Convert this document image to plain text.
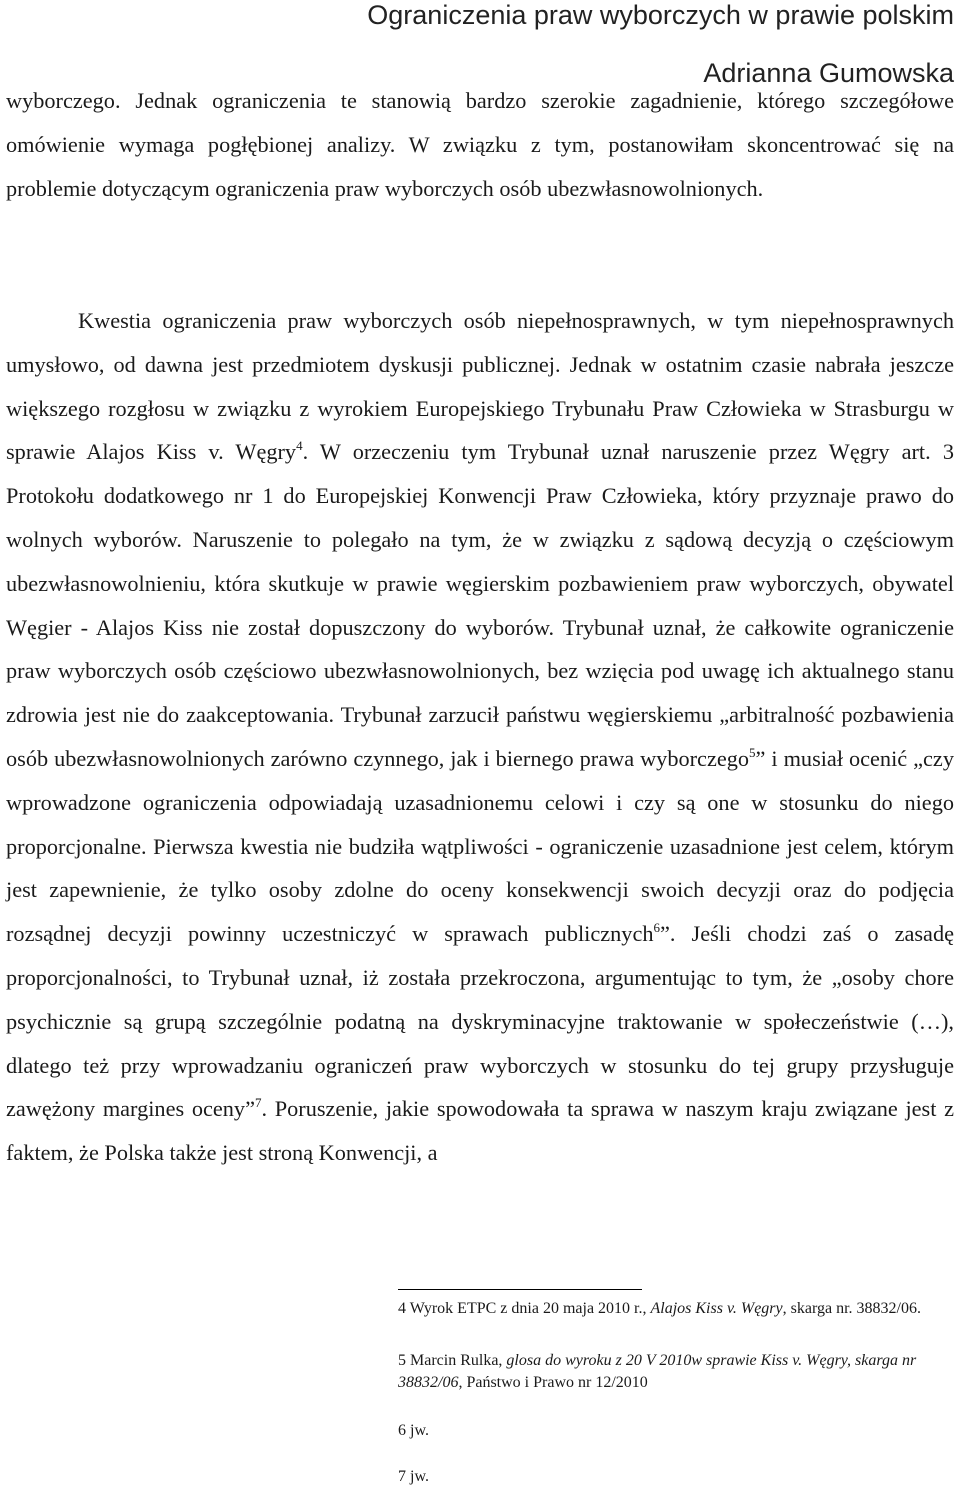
Ograniczenia praw wyborczych w prawie polskim
Adrianna Gumowska

wyborczego. Jednak ograniczenia te stanowią bardzo szerokie zagadnienie, którego szczegółowe omówienie wymaga pogłębionej analizy. W związku z tym, postanowiłam skoncentrować się na problemie dotyczącym ograniczenia praw wyborczych osób ubezwłasnowolnionych.

Kwestia ograniczenia praw wyborczych osób niepełnosprawnych, w tym niepełnosprawnych umysłowo, od dawna jest przedmiotem dyskusji publicznej. Jednak w ostatnim czasie nabrała jeszcze większego rozgłosu w związku z wyrokiem Europejskiego Trybunału Praw Człowieka w Strasburgu w sprawie Alajos Kiss v. Węgry$^4$. W orzeczeniu tym Trybunał uznał naruszenie przez Węgry art. 3 Protokołu dodatkowego nr 1 do Europejskiej Konwencji Praw Człowieka, który przyznaje prawo do wolnych wyborów. Naruszenie to polegało na tym, że w związku z sądową decyzją o częściowym ubezwłasnowolnieniu, która skutkuje w prawie węgierskim pozbawieniem praw wyborczych, obywatel Węgier - Alajos Kiss nie został dopuszczony do wyborów. Trybunał uznał, że całkowite ograniczenie praw wyborczych osób częściowo ubezwłasnowolnionych, bez wzięcia pod uwagę ich aktualnego stanu zdrowia jest nie do zaakceptowania. Trybunał zarzucił państwu węgierskiemu „arbitralność pozbawienia osób ubezwłasnowolnionych zarówno czynnego, jak i biernego prawa wyborczego$^5$” i musiał ocenić „czy wprowadzone ograniczenia odpowiadają uzasadnionemu celowi i czy są one w stosunku do niego proporcjonalne. Pierwsza kwestia nie budziła wątpliwości - ograniczenie uzasadnione jest celem, którym jest zapewnienie, że tylko osoby zdolne do oceny konsekwencji swoich decyzji oraz do podjęcia rozsądnej decyzji powinny uczestniczyć w sprawach publicznych$^6$”. Jeśli chodzi zaś o zasadę proporcjonalności, to Trybunał uznał, iż została przekroczona, argumentując to tym, że „osoby chore psychicznie są grupą szczególnie podatną na dyskryminacyjne traktowanie w społeczeństwie (…), dlatego też przy wprowadzaniu ograniczeń praw wyborczych w stosunku do tej grupy przysługuje zawężony margines oceny”$^7$. Poruszenie, jakie spowodowała ta sprawa w naszym kraju związane jest z faktem, że Polska także jest stroną Konwencji, a

4 Wyrok ETPC z dnia 20 maja 2010 r., Alajos Kiss v. Węgry, skarga nr. 38832/06.

5 Marcin Rulka, glosa do wyroku z 20 V 2010w sprawie Kiss v. Węgry, skarga nr 38832/06, Państwo i Prawo nr 12/2010

6 jw.

7 jw.
